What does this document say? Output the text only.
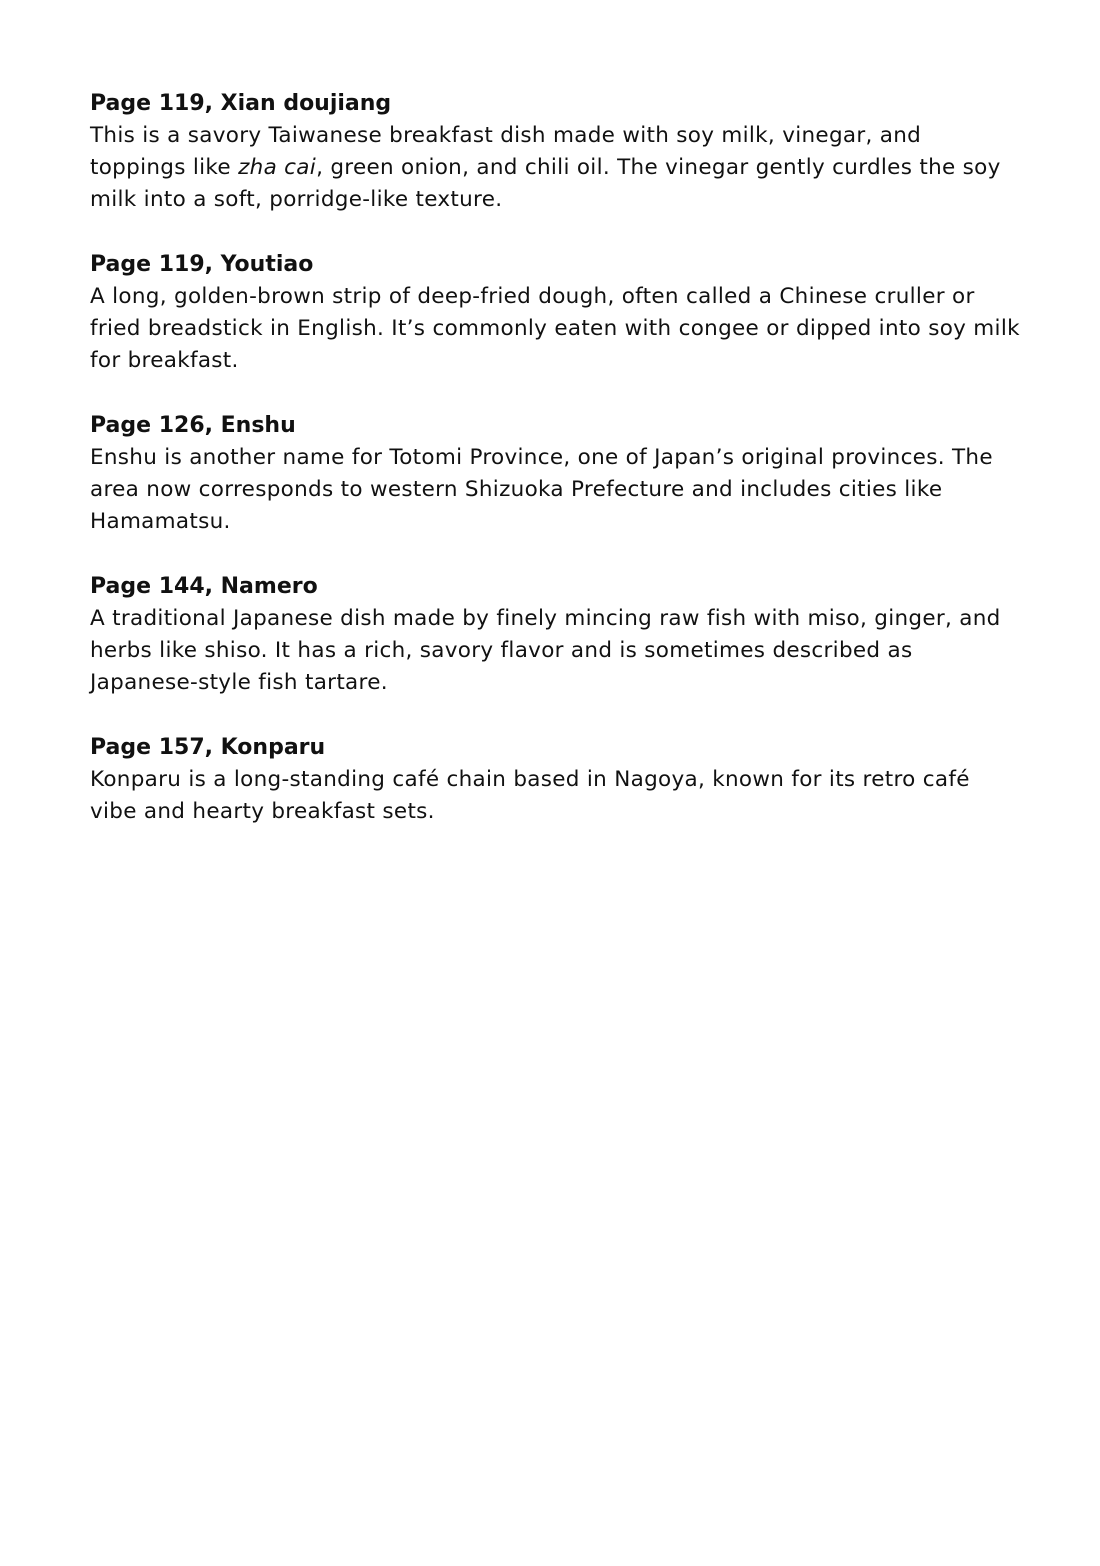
Page 119, Xian doujiang

This is a savory Taiwanese breakfast dish made with soy milk, vinegar, and toppings like zha cai, green onion, and chili oil. The vinegar gently curdles the soy milk into a soft, porridge-like texture.

Page 119, Youtiao

A long, golden-brown strip of deep-fried dough, often called a Chinese cruller or fried breadstick in English. It’s commonly eaten with congee or dipped into soy milk for breakfast.

Page 126, Enshu

Enshu is another name for Totomi Province, one of Japan’s original provinces. The area now corresponds to western Shizuoka Prefecture and includes cities like Hamamatsu.

Page 144, Namero

A traditional Japanese dish made by finely mincing raw fish with miso, ginger, and herbs like shiso. It has a rich, savory flavor and is sometimes described as Japanese-style fish tartare.

Page 157, Konparu

Konparu is a long-standing café chain based in Nagoya, known for its retro café vibe and hearty breakfast sets.
